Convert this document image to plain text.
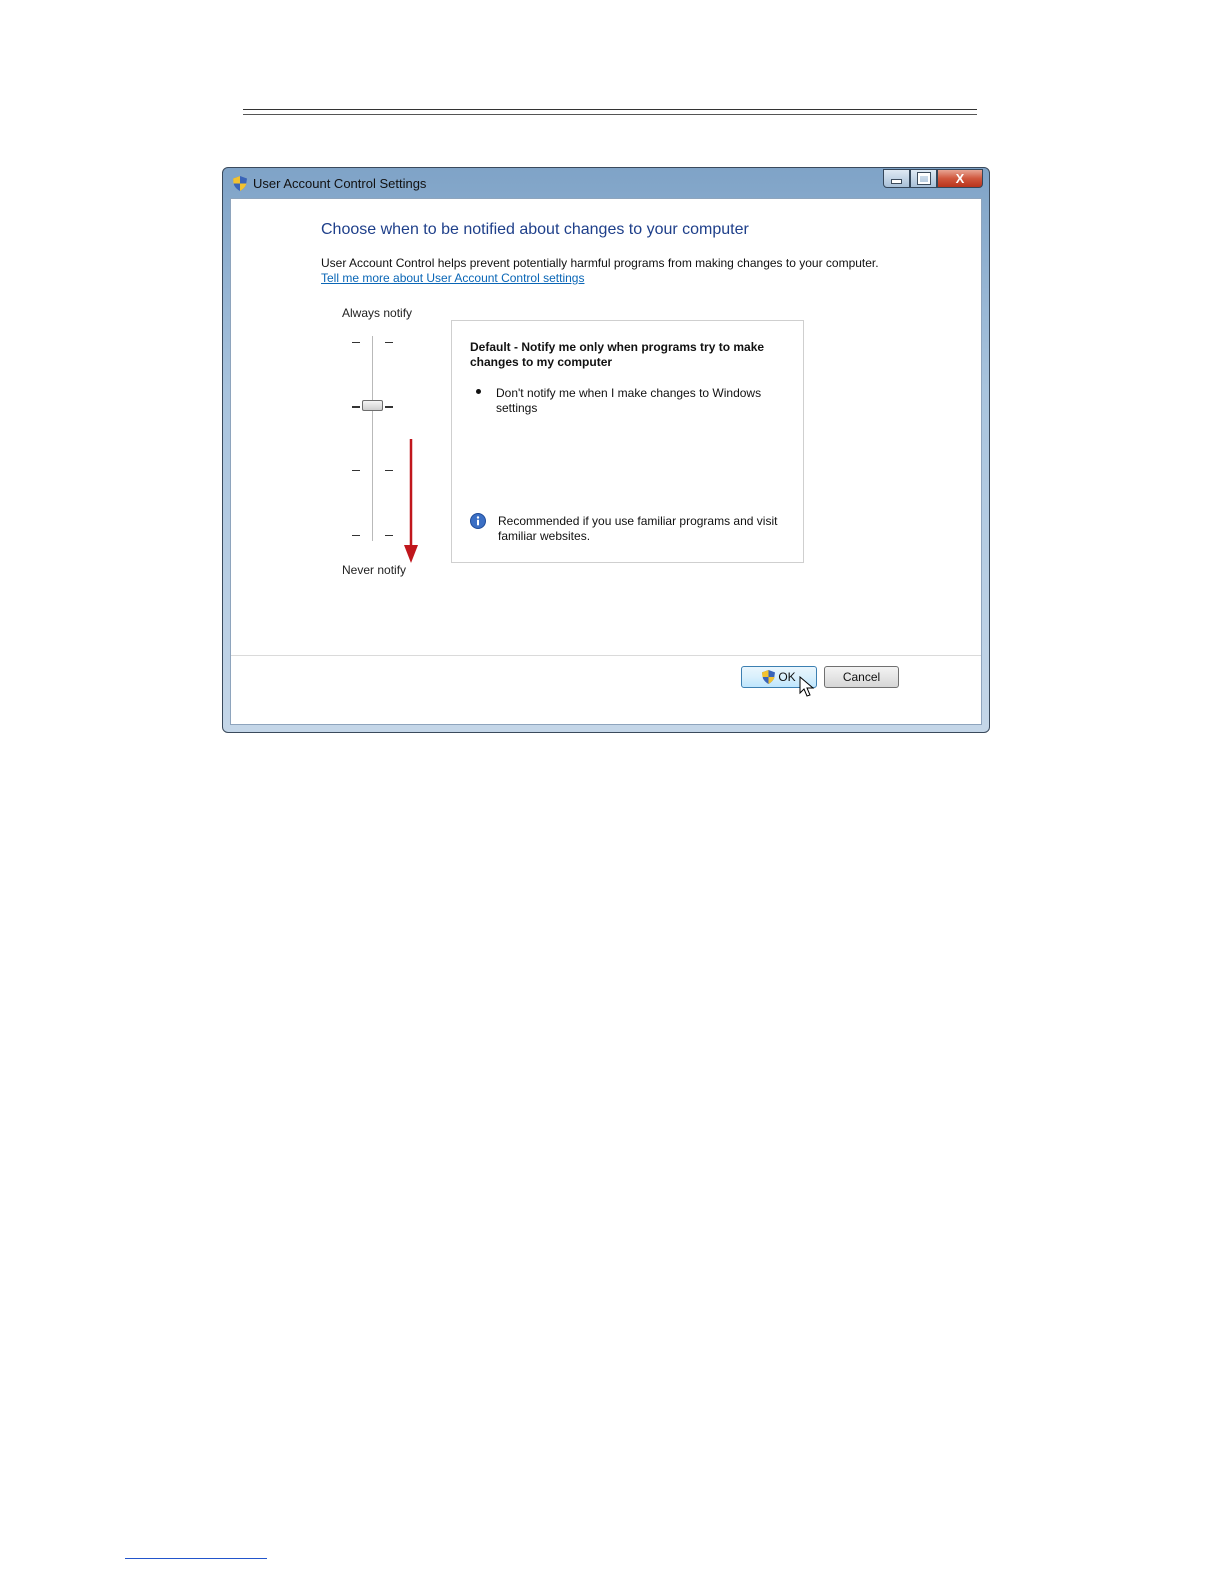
User Account Control Settings	X
Choose when to be notified about changes to your computer
User Account Control helps prevent potentially harmful programs from making changes to your computer.
Tell me more about User Account Control settings
Always notify
Never notify
Default - Notify me only when programs try to make changes to my computer
Don't notify me when I make changes to Windows settings
Recommended if you use familiar programs and visit familiar websites.
OK	Cancel
